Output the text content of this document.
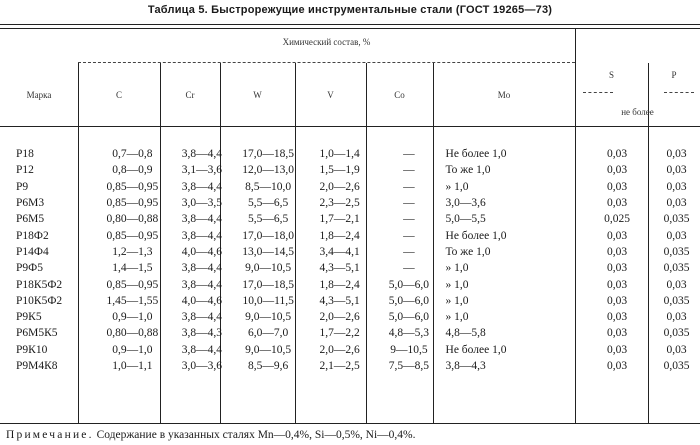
Таблица 5. Быстрорежущие инструментальные стали (ГОСТ 19265—73)
Химический состав, %
Марка	C	Cr	W	V	Co	Mo
S	P
не более
Р18	0,7—0,8	3,8—4,4	17,0—18,5	1,0—1,4	—	Не более 1,0	0,03	0,03
Р12	0,8—0,9	3,1—3,6	12,0—13,0	1,5—1,9	—	То же 1,0	0,03	0,03
Р9	0,85—0,95	3,8—4,4	8,5—10,0	2,0—2,6	—	» 1,0	0,03	0,03
Р6М3	0,85—0,95	3,0—3,5	5,5—6,5	2,3—2,5	—	3,0—3,6	0,03	0,03
Р6М5	0,80—0,88	3,8—4,4	5,5—6,5	1,7—2,1	—	5,0—5,5	0,025	0,035
Р18Ф2	0,85—0,95	3,8—4,4	17,0—18,0	1,8—2,4	—	Не более 1,0	0,03	0,03
Р14Ф4	1,2—1,3	4,0—4,6	13,0—14,5	3,4—4,1	—	То же 1,0	0,03	0,035
Р9Ф5	1,4—1,5	3,8—4,4	9,0—10,5	4,3—5,1	—	» 1,0	0,03	0,035
Р18К5Ф2	0,85—0,95	3,8—4,4	17,0—18,5	1,8—2,4	5,0—6,0	» 1,0	0,03	0,03
Р10К5Ф2	1,45—1,55	4,0—4,6	10,0—11,5	4,3—5,1	5,0—6,0	» 1,0	0,03	0,035
Р9К5	0,9—1,0	3,8—4,4	9,0—10,5	2,0—2,6	5,0—6,0	» 1,0	0,03	0,03
Р6М5К5	0,80—0,88	3,8—4,3	6,0—7,0	1,7—2,2	4,8—5,3	4,8—5,8	0,03	0,035
Р9К10	0,9—1,0	3,8—4,4	9,0—10,5	2,0—2,6	9—10,5	Не более 1,0	0,03	0,03
Р9М4К8	1,0—1,1	3,0—3,6	8,5—9,6	2,1—2,5	7,5—8,5	3,8—4,3	0,03	0,035
Примечание. Содержание в указанных сталях Mn—0,4%, Si—0,5%, Ni—0,4%.
